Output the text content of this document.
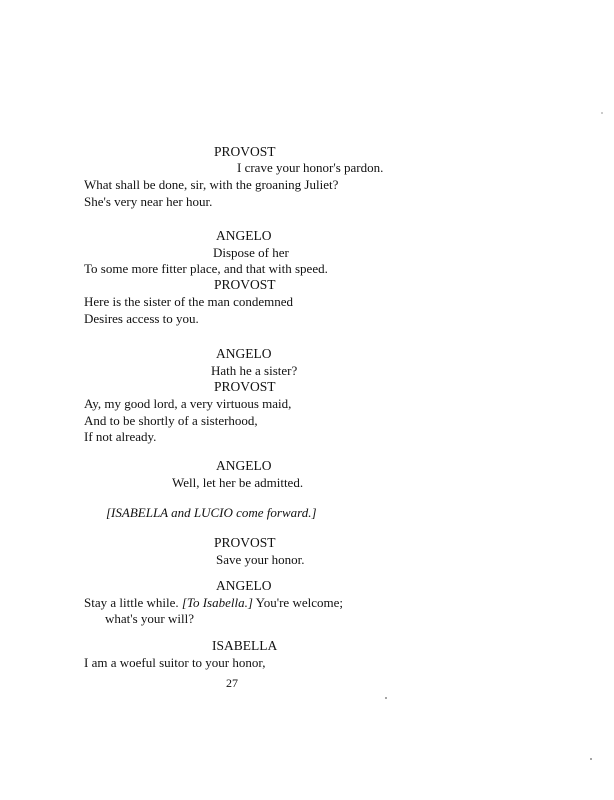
PROVOST
I crave your honor's pardon.
What shall be done, sir, with the groaning Juliet?
She's very near her hour.
ANGELO
Dispose of her
To some more fitter place, and that with speed.
PROVOST
Here is the sister of the man condemned
Desires access to you.
ANGELO
Hath he a sister?
PROVOST
Ay, my good lord, a very virtuous maid,
And to be shortly of a sisterhood,
If not already.
ANGELO
Well, let her be admitted.
[ISABELLA and LUCIO come forward.]
PROVOST
Save your honor.
ANGELO
Stay a little while. [To Isabella.] You're welcome;
what's your will?
ISABELLA
I am a woeful suitor to your honor,
27
